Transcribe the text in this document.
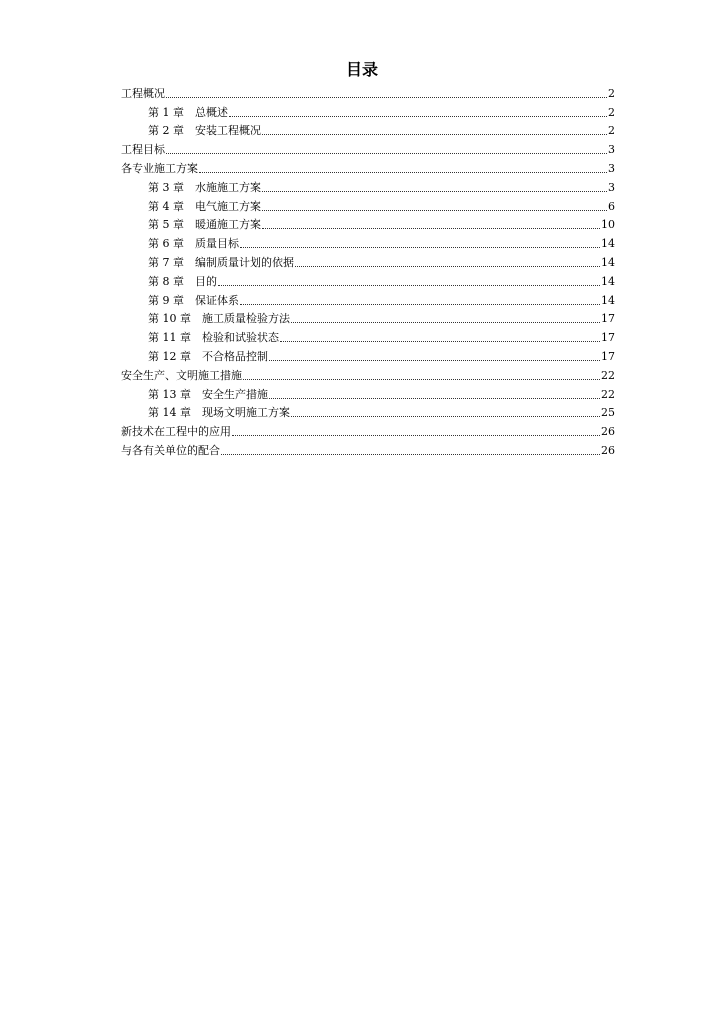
目录
工程概况	2
第 1 章 总概述	2
第 2 章 安装工程概况	2
工程目标	3
各专业施工方案	3
第 3 章 水施施工方案	3
第 4 章 电气施工方案	6
第 5 章 暖通施工方案	10
第 6 章 质量目标	14
第 7 章 编制质量计划的依据	14
第 8 章 目的	14
第 9 章 保证体系	14
第 10 章 施工质量检验方法	17
第 11 章 检验和试验状态	17
第 12 章 不合格品控制	17
安全生产、文明施工措施	22
第 13 章 安全生产措施	22
第 14 章 现场文明施工方案	25
新技术在工程中的应用	26
与各有关单位的配合	26
